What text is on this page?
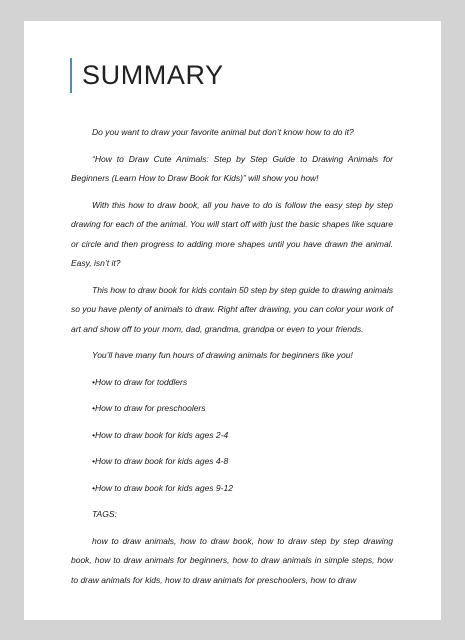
SUMMARY

Do you want to draw your favorite animal but don’t know how to do it?

“How to Draw Cute Animals: Step by Step Guide to Drawing Animals for Beginners (Learn How to Draw Book for Kids)” will show you how!

With this how to draw book, all you have to do is follow the easy step by step drawing for each of the animal. You will start off with just the basic shapes like square or circle and then progress to adding more shapes until you have drawn the animal. Easy, isn’t it?

This how to draw book for kids contain 50 step by step guide to drawing animals so you have plenty of animals to draw. Right after drawing, you can color your work of art and show off to your mom, dad, grandma, grandpa or even to your friends.

You’ll have many fun hours of drawing animals for beginners like you!

•How to draw for toddlers
•How to draw for preschoolers
•How to draw book for kids ages 2-4
•How to draw book for kids ages 4-8
•How to draw book for kids ages 9-12
TAGS:

how to draw animals, how to draw book, how to draw step by step drawing book, how to draw animals for beginners, how to draw animals in simple steps, how to draw animals for kids, how to draw animals for preschoolers, how to draw
